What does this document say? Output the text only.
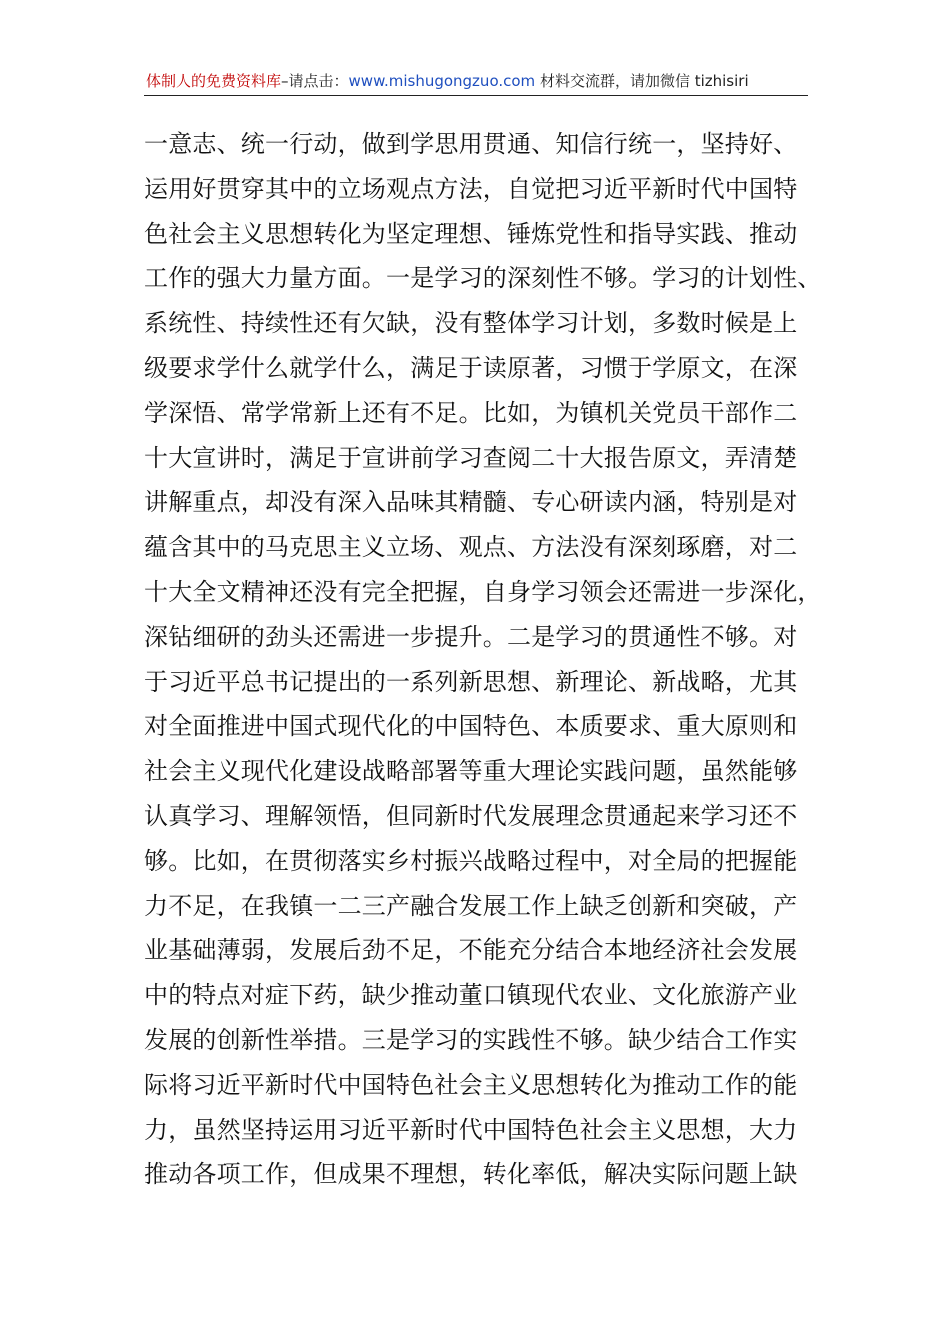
体制人的免费资料库–请点击：www.mishugongzuo.com 材料交流群，请加微信 tizhisiri
一意志、统一行动，做到学思用贯通、知信行统一，坚持好、
运用好贯穿其中的立场观点方法，自觉把习近平新时代中国特
色社会主义思想转化为坚定理想、锤炼党性和指导实践、推动
工作的强大力量方面。一是学习的深刻性不够。学习的计划性、
系统性、持续性还有欠缺，没有整体学习计划，多数时候是上
级要求学什么就学什么，满足于读原著，习惯于学原文，在深
学深悟、常学常新上还有不足。比如，为镇机关党员干部作二
十大宣讲时，满足于宣讲前学习查阅二十大报告原文，弄清楚
讲解重点，却没有深入品味其精髓、专心研读内涵，特别是对
蕴含其中的马克思主义立场、观点、方法没有深刻琢磨，对二
十大全文精神还没有完全把握，自身学习领会还需进一步深化，
深钻细研的劲头还需进一步提升。二是学习的贯通性不够。对
于习近平总书记提出的一系列新思想、新理论、新战略，尤其
对全面推进中国式现代化的中国特色、本质要求、重大原则和
社会主义现代化建设战略部署等重大理论实践问题，虽然能够
认真学习、理解领悟，但同新时代发展理念贯通起来学习还不
够。比如，在贯彻落实乡村振兴战略过程中，对全局的把握能
力不足，在我镇一二三产融合发展工作上缺乏创新和突破，产
业基础薄弱，发展后劲不足，不能充分结合本地经济社会发展
中的特点对症下药，缺少推动董口镇现代农业、文化旅游产业
发展的创新性举措。三是学习的实践性不够。缺少结合工作实
际将习近平新时代中国特色社会主义思想转化为推动工作的能
力，虽然坚持运用习近平新时代中国特色社会主义思想，大力
推动各项工作，但成果不理想，转化率低，解决实际问题上缺
